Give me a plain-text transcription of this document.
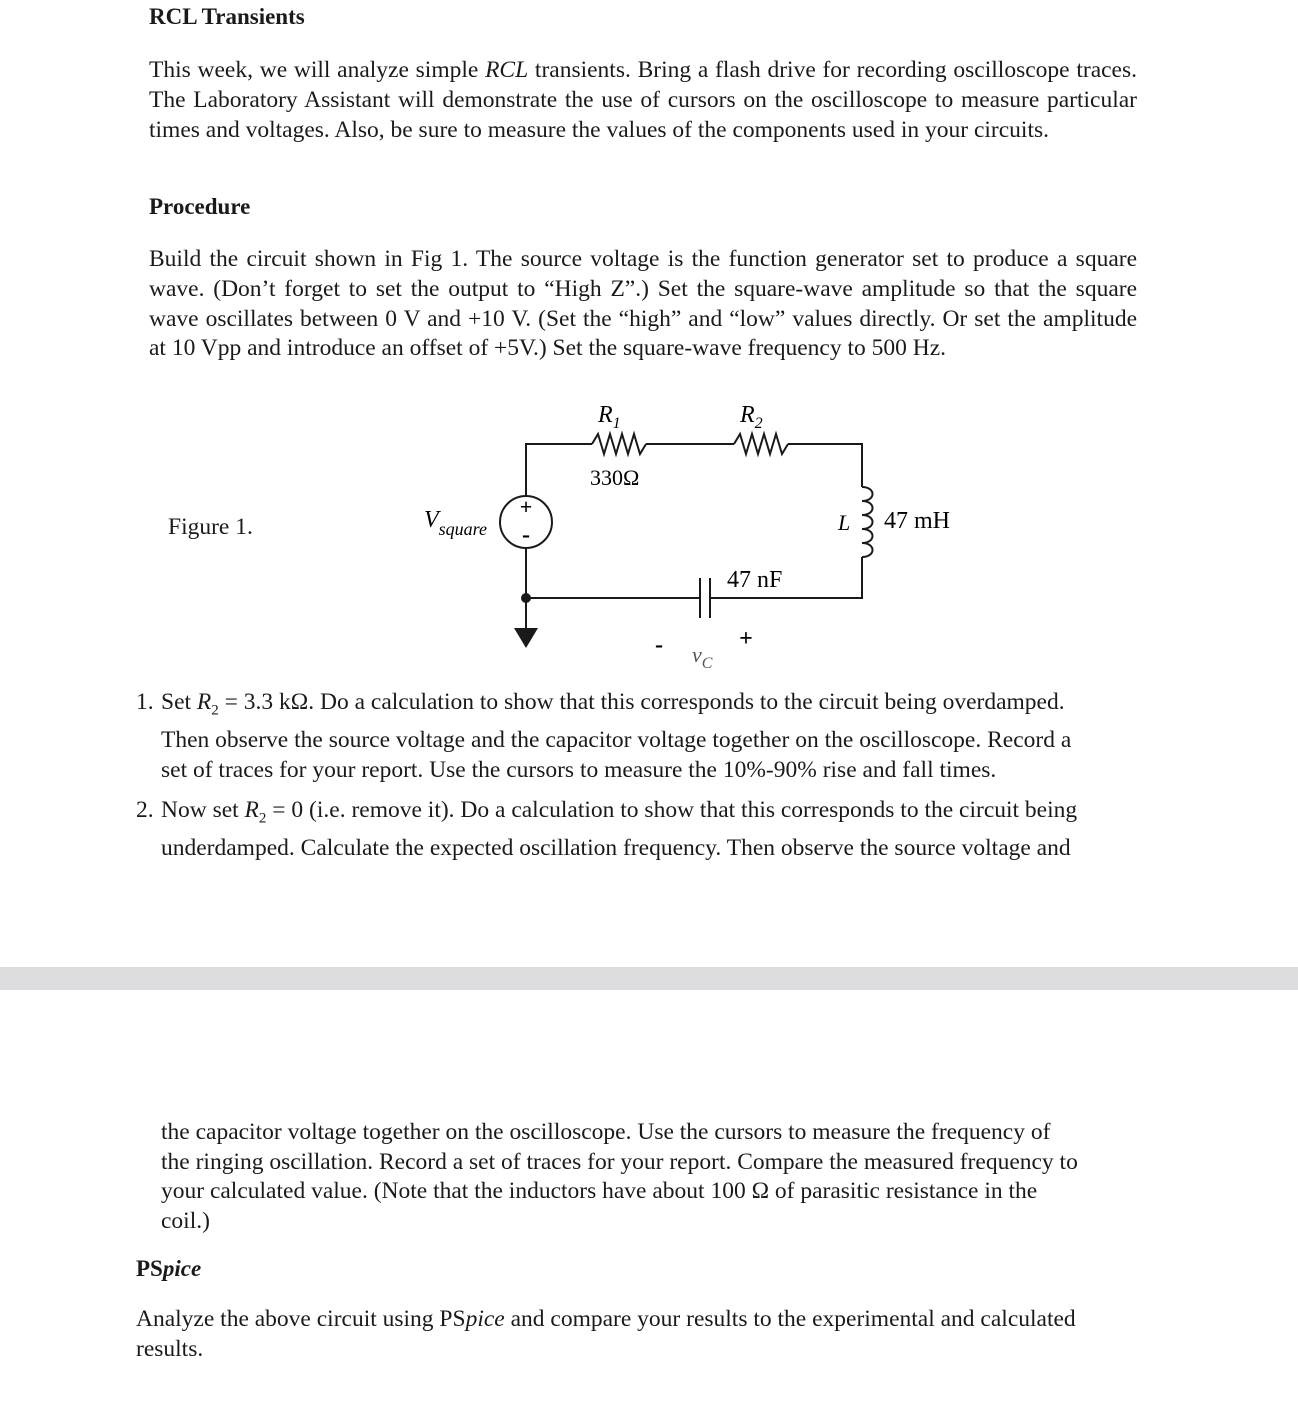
RCL Transients
This week, we will analyze simple RCL transients. Bring a flash drive for recording oscilloscope traces. The Laboratory Assistant will demonstrate the use of cursors on the oscilloscope to measure particular times and voltages. Also, be sure to measure the values of the components used in your circuits.
Procedure
Build the circuit shown in Fig 1. The source voltage is the function generator set to produce a square wave. (Don’t forget to set the output to “High Z”.) Set the square-wave amplitude so that the square wave oscillates between 0 V and +10 V. (Set the “high” and “low” values directly. Or set the amplitude at 10 Vpp and introduce an offset of +5V.) Set the square-wave frequency to 500 Hz.
Figure 1.
+
-
$R_1$
330Ω
$R_2$
$V_{square}$	L 47 mH
47 nF
-	+
$v_C$
1. Set $R_2 = 3.3$ kΩ. Do a calculation to show that this corresponds to the circuit being overdamped.
Then observe the source voltage and the capacitor voltage together on the oscilloscope. Record a
set of traces for your report. Use the cursors to measure the 10%-90% rise and fall times.
2. Now set $R_2 = 0$ (i.e. remove it). Do a calculation to show that this corresponds to the circuit being
underdamped. Calculate the expected oscillation frequency. Then observe the source voltage and
the capacitor voltage together on the oscilloscope. Use the cursors to measure the frequency of
the ringing oscillation. Record a set of traces for your report. Compare the measured frequency to
your calculated value. (Note that the inductors have about 100 Ω of parasitic resistance in the
coil.)
PSpice
Analyze the above circuit using PSpice and compare your results to the experimental and calculated
results.
